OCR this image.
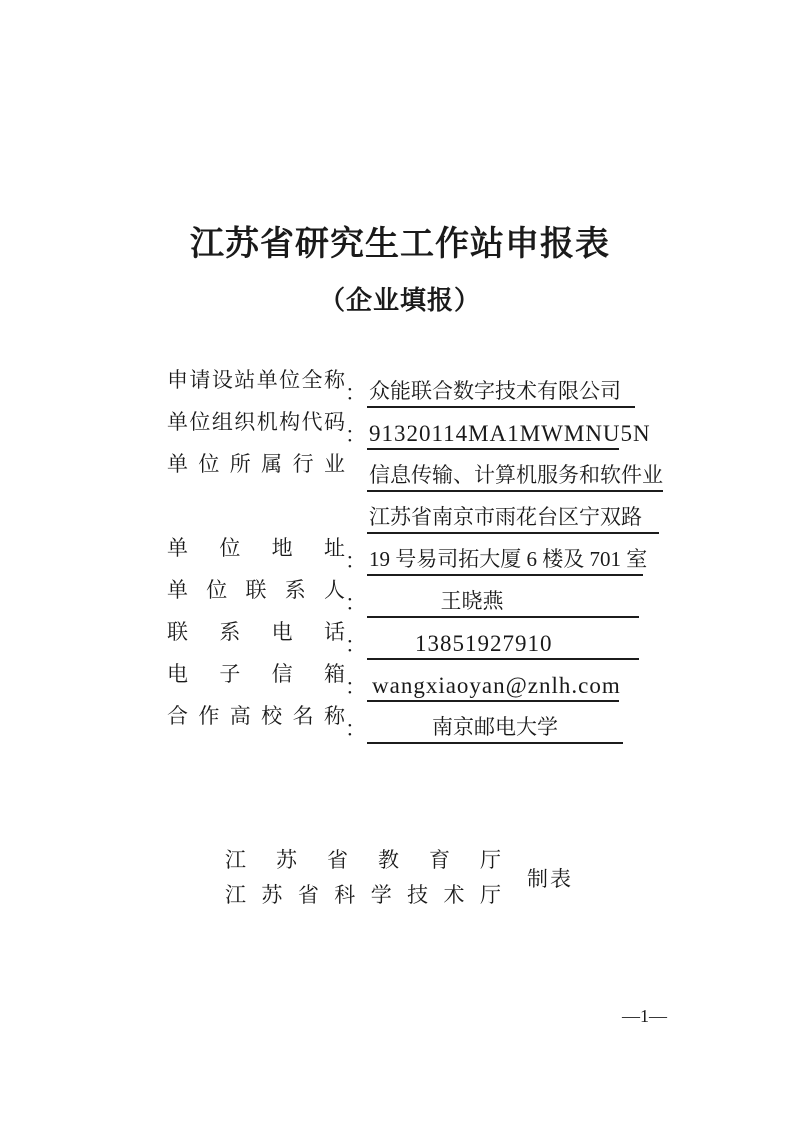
江苏省研究生工作站申报表
（企业填报）
申 请 设 站 单 位 全 称
： 众能联合数字技术有限公司
单 位 组 织 机 构 代 码
： 91320114MA1MWMNU5N
单 位 所 属 行 业 信息传输、计算机服务和软件业
单 位 地 址
：
江苏省南京市雨花台区宁双路
19 号易司拓大厦 6 楼及 701 室
单 位 联 系 人
：	王晓燕
联 系 电 话
：	13851927910
电 子 信 箱
： wangxiaoyan@znlh.com
合 作 高 校 名 称
：	南京邮电大学
江 苏 省 教 育 厅
江 苏 省 科 学 技 术 厅
制表
—1—
